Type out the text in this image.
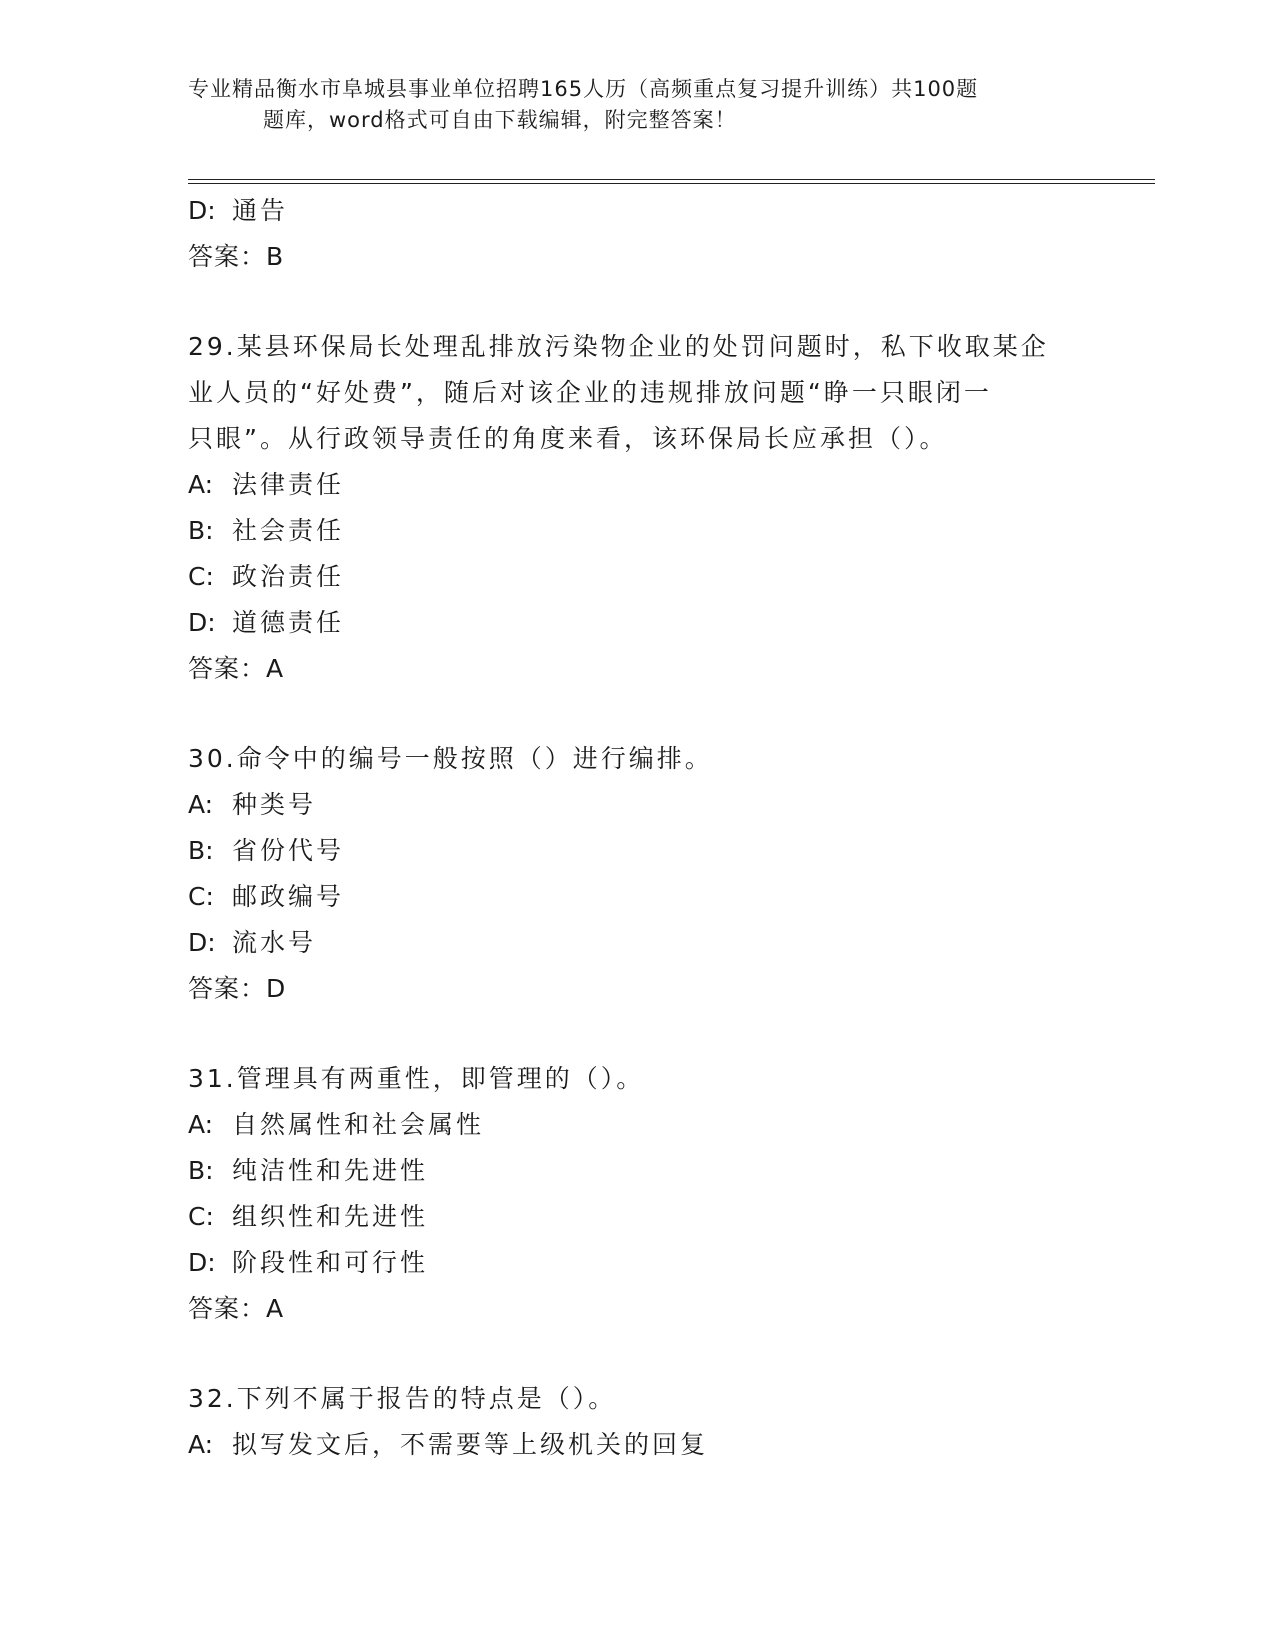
专业精品衡水市阜城县事业单位招聘165人历（高频重点复习提升训练）共100题
题库，word格式可自由下载编辑，附完整答案！
D: 通告
答案：B
29.某县环保局长处理乱排放污染物企业的处罚问题时，私下收取某企
业人员的“好处费”，随后对该企业的违规排放问题“睁一只眼闭一
只眼”。从行政领导责任的角度来看，该环保局长应承担（）。
A: 法律责任
B: 社会责任
C: 政治责任
D: 道德责任
答案：A
30.命令中的编号一般按照（）进行编排。
A: 种类号
B: 省份代号
C: 邮政编号
D: 流水号
答案：D
31.管理具有两重性，即管理的（）。
A: 自然属性和社会属性
B: 纯洁性和先进性
C: 组织性和先进性
D: 阶段性和可行性
答案：A
32.下列不属于报告的特点是（）。
A: 拟写发文后，不需要等上级机关的回复
